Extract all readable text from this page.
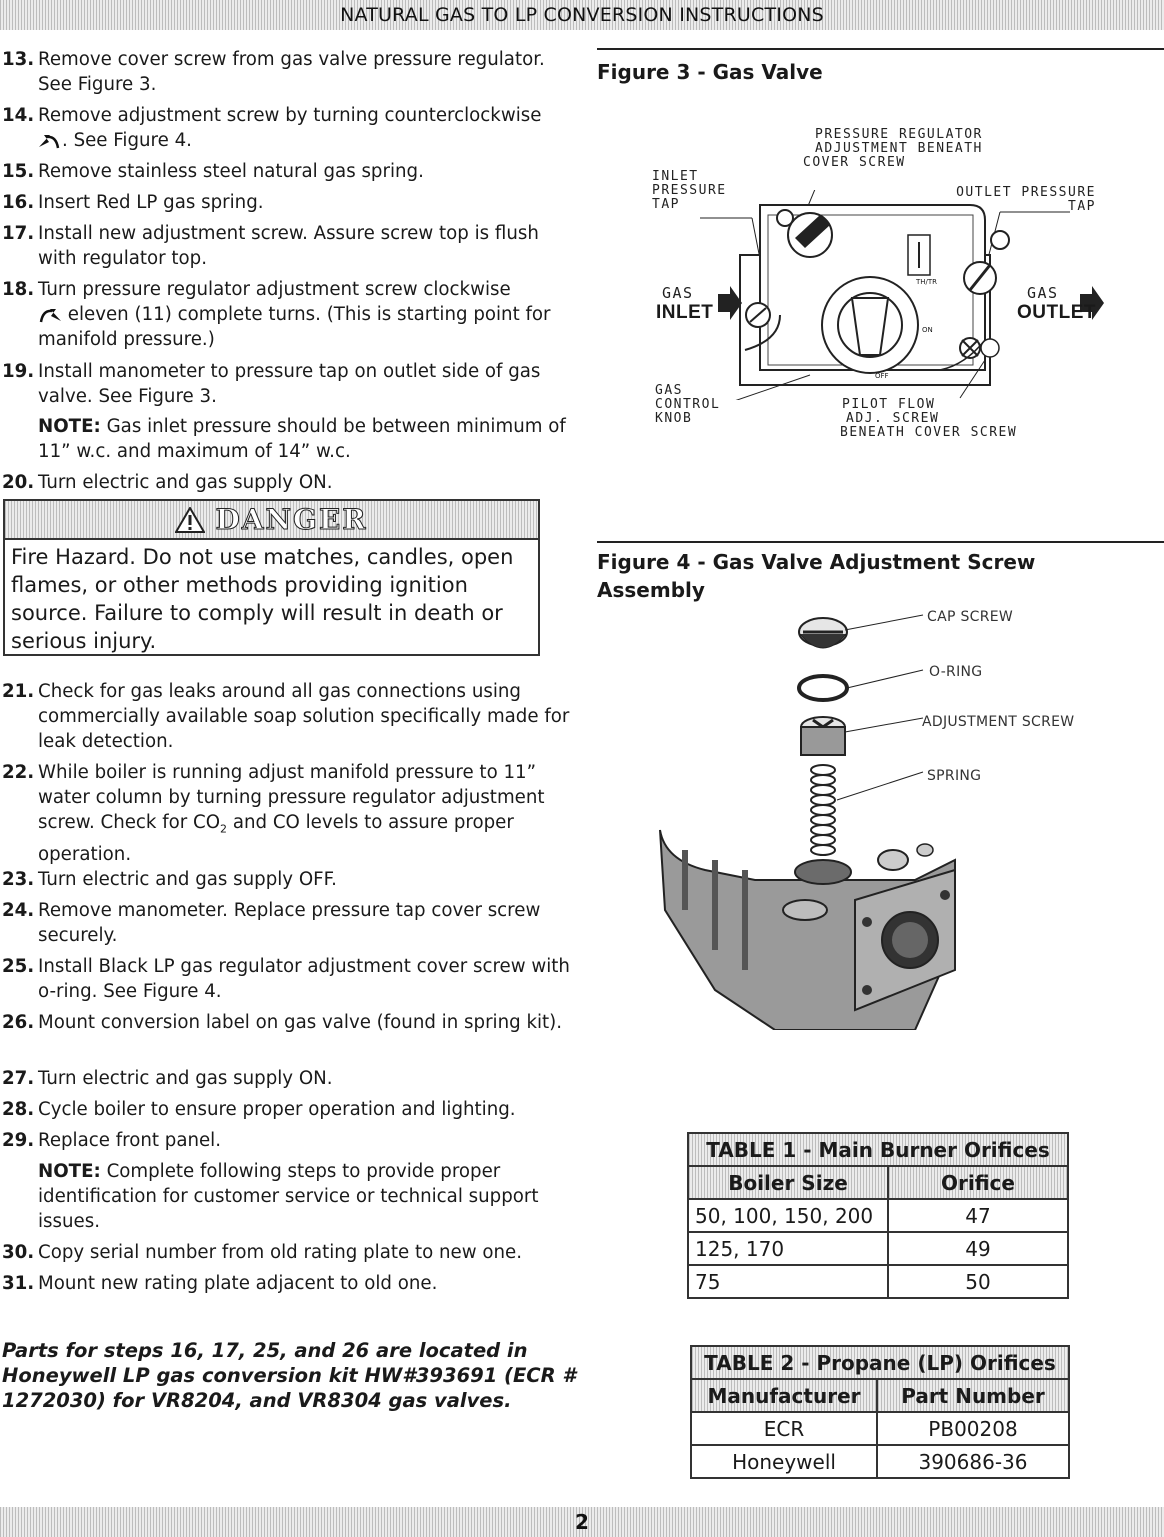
NATURAL GAS TO LP CONVERSION INSTRUCTIONS
13. Remove cover screw from gas valve pressure regulator. See Figure 3.
14. Remove adjustment screw by turning counterclockwise
. See Figure 4.
15. Remove stainless steel natural gas spring.
16. Insert Red LP gas spring.
17. Install new adjustment screw. Assure screw top is flush with regulator top.
18. Turn pressure regulator adjustment screw clockwise
eleven (11) complete turns. (This is starting point for manifold pressure.)
19. Install manometer to pressure tap on outlet side of gas valve. See Figure 3.
NOTE: Gas inlet pressure should be between minimum of 11” w.c. and maximum of 14” w.c.
20. Turn electric and gas supply ON.
DANGER
Fire Hazard. Do not use matches, candles, open flames, or other methods providing ignition source. Failure to comply will result in death or serious injury.
21. Check for gas leaks around all gas connections using commercially available soap solution specifically made for leak detection.
22. While boiler is running adjust manifold pressure to 11” water column by turning pressure regulator adjustment screw. Check for $CO_2$ and CO levels to assure proper operation.
23. Turn electric and gas supply OFF.
24. Remove manometer. Replace pressure tap cover screw securely.
25. Install Black LP gas regulator adjustment cover screw with o-ring. See Figure 4.
26. Mount conversion label on gas valve (found in spring kit).
27. Turn electric and gas supply ON.
28. Cycle boiler to ensure proper operation and lighting.
29. Replace front panel.
NOTE: Complete following steps to provide proper identification for customer service or technical support issues.
30. Copy serial number from old rating plate to new one.
31. Mount new rating plate adjacent to old one.
Parts for steps 16, 17, 25, and 26 are located in Honeywell LP gas conversion kit HW#393691 (ECR # 1272030) for VR8204, and VR8304 gas valves.
Figure 3 - Gas Valve
PRESSURE REGULATOR
ADJUSTMENT BENEATH
COVER SCREW
INLET
PRESSURE
TAP
OUTLET PRESSURE
TAP
GAS
INLET
GAS
OUTLET
TH/TR
ON
OFF
GAS
CONTROL
KNOB
PILOT FLOW
ADJ. SCREW
BENEATH COVER SCREW
Figure 4 - Gas Valve Adjustment Screw Assembly
CAP SCREW
O-RING
ADJUSTMENT SCREW
SPRING
TABLE 1 - Main Burner Orifices	
Boiler Size	Orifice
50, 100, 150, 200	47
125, 170	49
75	50
TABLE 2 - Propane (LP) Orifices	
Manufacturer	Part Number
ECR	PB00208
Honeywell	390686-36
2
